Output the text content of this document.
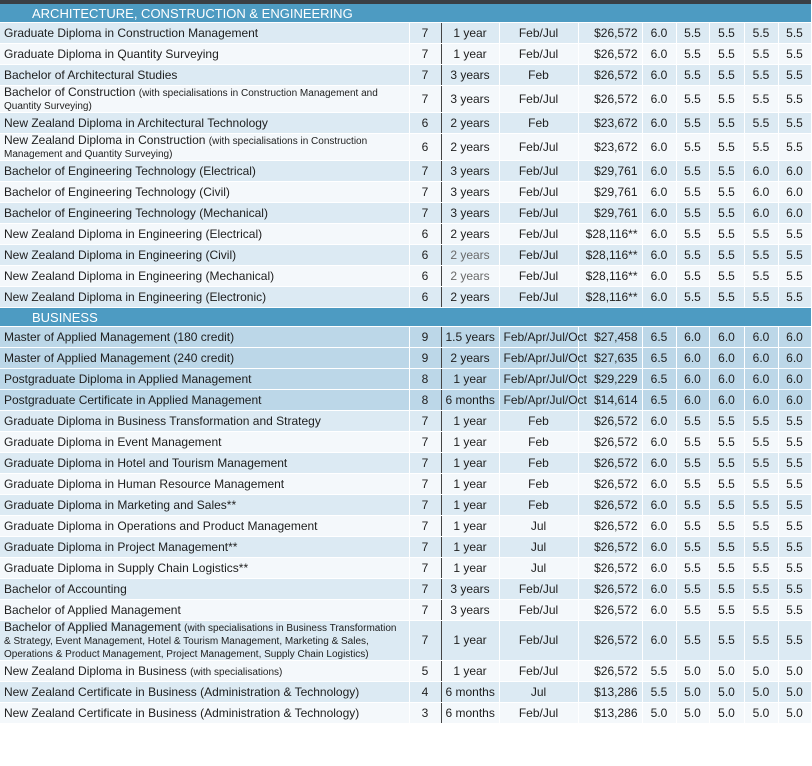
ARCHITECTURE, CONSTRUCTION & ENGINEERING									
Graduate Diploma in Construction Management	7	1 year	Feb/Jul	$26,572	6.0	5.5	5.5	5.5	5.5
Graduate Diploma in Quantity Surveying	7	1 year	Feb/Jul	$26,572	6.0	5.5	5.5	5.5	5.5
Bachelor of Architectural Studies	7	3 years	Feb	$26,572	6.0	5.5	5.5	5.5	5.5
Bachelor of Construction (with specialisations in Construction Management and Quantity Surveying)	7	3 years	Feb/Jul	$26,572	6.0	5.5	5.5	5.5	5.5
New Zealand Diploma in Architectural Technology	6	2 years	Feb	$23,672	6.0	5.5	5.5	5.5	5.5
New Zealand Diploma in Construction (with specialisations in Construction Management and Quantity Surveying)	6	2 years	Feb/Jul	$23,672	6.0	5.5	5.5	5.5	5.5
Bachelor of Engineering Technology (Electrical)	7	3 years	Feb/Jul	$29,761	6.0	5.5	5.5	6.0	6.0
Bachelor of Engineering Technology (Civil)	7	3 years	Feb/Jul	$29,761	6.0	5.5	5.5	6.0	6.0
Bachelor of Engineering Technology (Mechanical)	7	3 years	Feb/Jul	$29,761	6.0	5.5	5.5	6.0	6.0
New Zealand Diploma in Engineering (Electrical)	6	2 years	Feb/Jul	$28,116**	6.0	5.5	5.5	5.5	5.5
New Zealand Diploma in Engineering (Civil)	6	2 years	Feb/Jul	$28,116**	6.0	5.5	5.5	5.5	5.5
New Zealand Diploma in Engineering (Mechanical)	6	2 years	Feb/Jul	$28,116**	6.0	5.5	5.5	5.5	5.5
New Zealand Diploma in Engineering (Electronic)	6	2 years	Feb/Jul	$28,116**	6.0	5.5	5.5	5.5	5.5
BUSINESS									
Master of Applied Management (180 credit)	9	1.5 years	Feb/Apr/Jul/Oct	$27,458	6.5	6.0	6.0	6.0	6.0
Master of Applied Management (240 credit)	9	2 years	Feb/Apr/Jul/Oct	$27,635	6.5	6.0	6.0	6.0	6.0
Postgraduate Diploma in Applied Management	8	1 year	Feb/Apr/Jul/Oct	$29,229	6.5	6.0	6.0	6.0	6.0
Postgraduate Certificate in Applied Management	8	6 months	Feb/Apr/Jul/Oct	$14,614	6.5	6.0	6.0	6.0	6.0
Graduate Diploma in Business Transformation and Strategy	7	1 year	Feb	$26,572	6.0	5.5	5.5	5.5	5.5
Graduate Diploma in Event Management	7	1 year	Feb	$26,572	6.0	5.5	5.5	5.5	5.5
Graduate Diploma in Hotel and Tourism Management	7	1 year	Feb	$26,572	6.0	5.5	5.5	5.5	5.5
Graduate Diploma in Human Resource Management	7	1 year	Feb	$26,572	6.0	5.5	5.5	5.5	5.5
Graduate Diploma in Marketing and Sales**	7	1 year	Feb	$26,572	6.0	5.5	5.5	5.5	5.5
Graduate Diploma in Operations and Product Management	7	1 year	Jul	$26,572	6.0	5.5	5.5	5.5	5.5
Graduate Diploma in Project Management**	7	1 year	Jul	$26,572	6.0	5.5	5.5	5.5	5.5
Graduate Diploma in Supply Chain Logistics**	7	1 year	Jul	$26,572	6.0	5.5	5.5	5.5	5.5
Bachelor of Accounting	7	3 years	Feb/Jul	$26,572	6.0	5.5	5.5	5.5	5.5
Bachelor of Applied Management	7	3 years	Feb/Jul	$26,572	6.0	5.5	5.5	5.5	5.5
Bachelor of Applied Management (with specialisations in Business Transformation & Strategy, Event Management, Hotel & Tourism Management, Marketing & Sales, Operations & Product Management, Project Management, Supply Chain Logistics)	7	1 year	Feb/Jul	$26,572	6.0	5.5	5.5	5.5	5.5
New Zealand Diploma in Business (with specialisations)	5	1 year	Feb/Jul	$26,572	5.5	5.0	5.0	5.0	5.0
New Zealand Certificate in Business (Administration & Technology)	4	6 months	Jul	$13,286	5.5	5.0	5.0	5.0	5.0
New Zealand Certificate in Business (Administration & Technology)	3	6 months	Feb/Jul	$13,286	5.0	5.0	5.0	5.0	5.0
